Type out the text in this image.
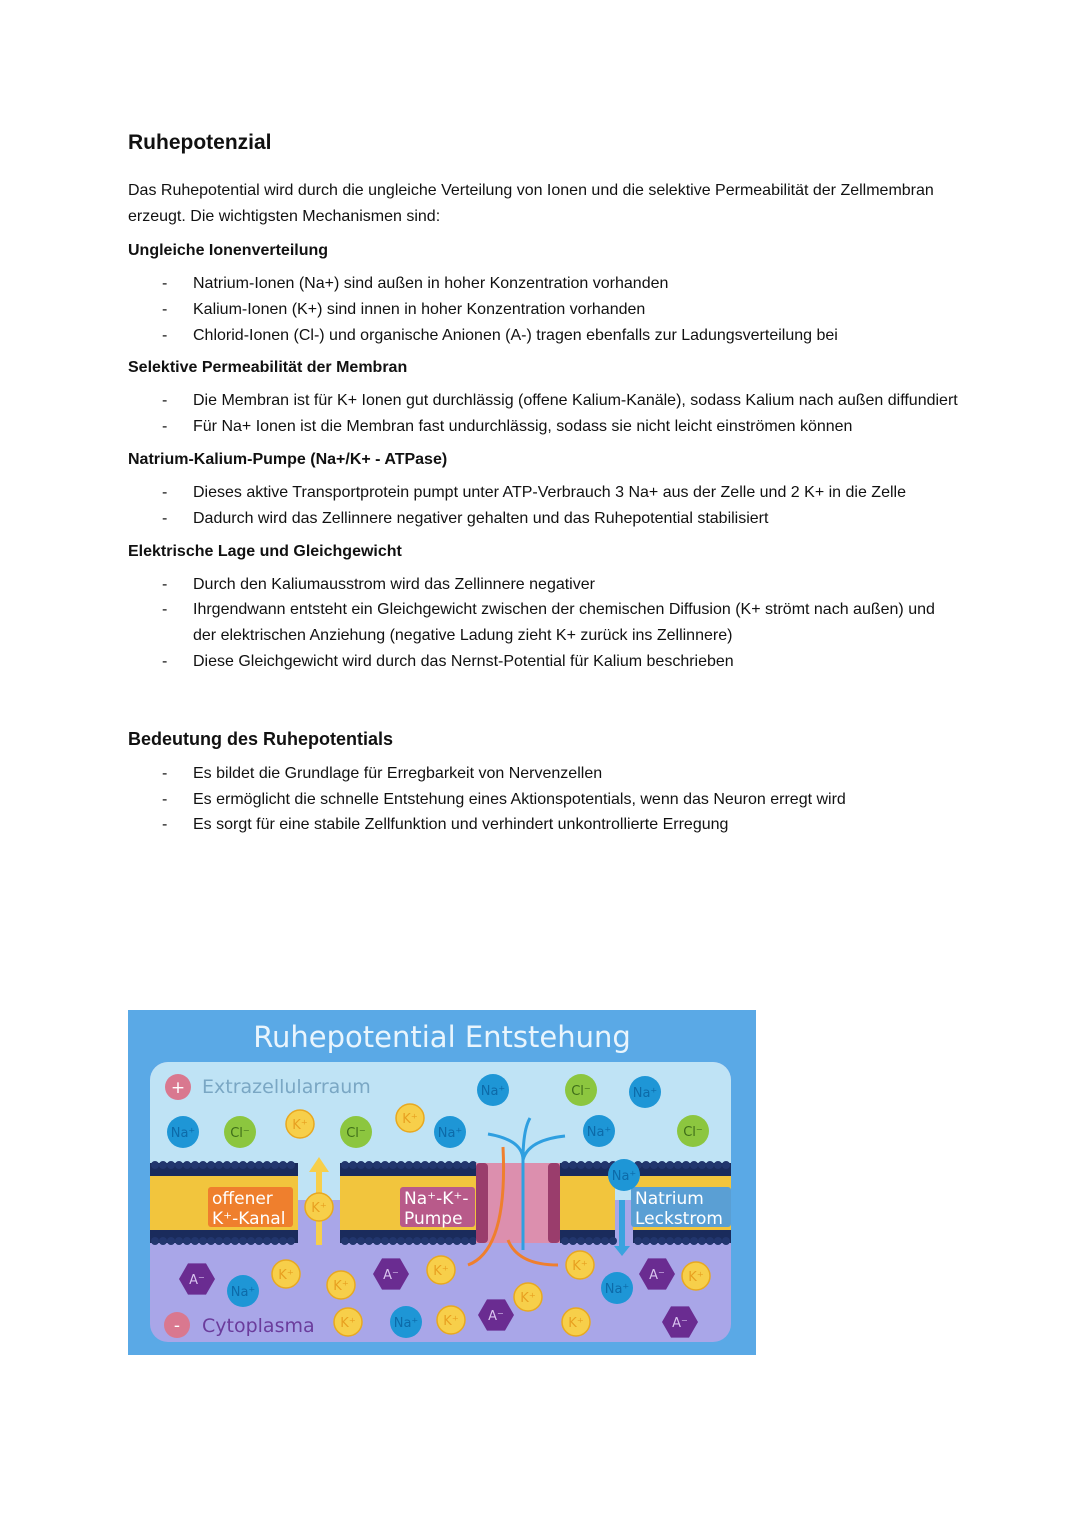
Ruhepotenzial

Das Ruhepotential wird durch die ungleiche Verteilung von Ionen und die selektive Permeabilität der Zellmembran erzeugt. Die wichtigsten Mechanismen sind:

Ungleiche Ionenverteilung
- Natrium-Ionen (Na+) sind außen in hoher Konzentration vorhanden
- Kalium-Ionen (K+) sind innen in hoher Konzentration vorhanden
- Chlorid-Ionen (Cl-) und organische Anionen (A-) tragen ebenfalls zur Ladungsverteilung bei
Selektive Permeabilität der Membran
- Die Membran ist für K+ Ionen gut durchlässig (offene Kalium-Kanäle), sodass Kalium nach außen diffundiert
- Für Na+ Ionen ist die Membran fast undurchlässig, sodass sie nicht leicht einströmen können
Natrium-Kalium-Pumpe (Na+/K+ - ATPase)
- Dieses aktive Transportprotein pumpt unter ATP-Verbrauch 3 Na+ aus der Zelle und 2 K+ in die Zelle
- Dadurch wird das Zellinnere negativer gehalten und das Ruhepotential stabilisiert
Elektrische Lage und Gleichgewicht
- Durch den Kaliumausstrom wird das Zellinnere negativer
- Ihrgendwann entsteht ein Gleichgewicht zwischen der chemischen Diffusion (K+ strömt nach außen) und der elektrischen Anziehung (negative Ladung zieht K+ zurück ins Zellinnere)
- Diese Gleichgewicht wird durch das Nernst-Potential für Kalium beschrieben
Bedeutung des Ruhepotentials
- Es bildet die Grundlage für Erregbarkeit von Nervenzellen
- Es ermöglicht die schnelle Entstehung eines Aktionspotentials, wenn das Neuron erregt wird
- Es sorgt für eine stabile Zellfunktion und verhindert unkontrollierte Erregung
Ruhepotential Entstehung
offener
K⁺-Kanal
Na⁺-K⁺-
Pumpe
Natrium
Leckstrom
+ Extrazellularraum
- Cytoplasma
Na⁺	Cl⁻	Na⁺
Na⁺	Cl⁻
K⁺
Cl⁻
K⁺
Na⁺	Na⁺	Cl⁻
Na⁺
A⁻
Na⁺
K⁺
K⁺
A⁻	K⁺	K⁺
Na⁺
A⁻ K⁺
K⁺
Na⁺ K⁺ A⁻
K⁺	K⁺	A⁻
K⁺
